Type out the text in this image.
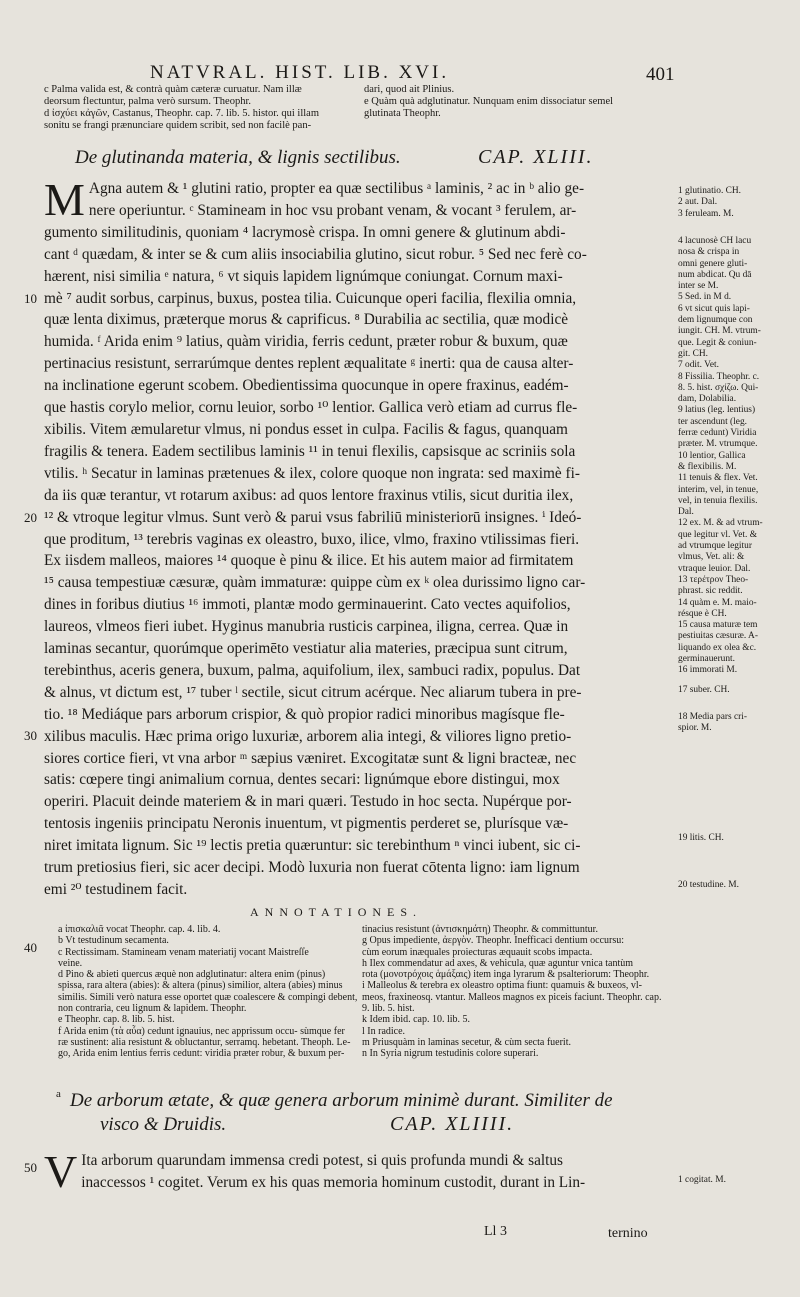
NATVRAL. HIST. LIB. XVI.	401
c Palma valida est, & contrà quàm cæteræ curuatur. Nam illæ
deorsum flectuntur, palma verò sursum. Theophr.
d ἰσχύει κἀγῶν, Castanus, Theophr. cap. 7. lib. 5. histor. qui illam
sonitu se frangi prænunciare quidem scribit, sed non facilè pan-
dari, quod ait Plinius.
e Quàm quà adglutinatur. Nunquam enim dissociatur semel
glutinata Theophr.
De glutinanda materia, & lignis sectilibus.	CAP. XLIII.
M Agna autem & ¹ glutini ratio, propter ea quæ sectilibus ᵃ laminis, ² ac in ᵇ alio ge-
nere operiuntur. ᶜ Stamineam in hoc vsu probant venam, & vocant ³ ferulem, ar-
gumento similitudinis, quoniam ⁴ lacrymosè crispa. In omni genere & glutinum abdi-
cant ᵈ quædam, & inter se & cum aliis insociabilia glutino, sicut robur. ⁵ Sed nec ferè co-
hærent, nisi similia ᵉ natura, ⁶ vt siquis lapidem lignúmque coniungat. Cornum maxi-
mè ⁷ audit sorbus, carpinus, buxus, postea tilia. Cuicunque operi facilia, flexilia omnia,
quæ lenta diximus, præterque morus & caprificus. ⁸ Durabilia ac sectilia, quæ modicè
humida. ᶠ Arida enim ⁹ latius, quàm viridia, ferris cedunt, præter robur & buxum, quæ
pertinacius resistunt, serrarúmque dentes replent æqualitate ᵍ inerti: qua de causa alter-
na inclinatione egerunt scobem. Obedientissima quocunque in opere fraxinus, eadém-
que hastis corylo melior, cornu leuior, sorbo ¹⁰ lentior. Gallica verò etiam ad currus fle-
xibilis. Vitem æmularetur vlmus, ni pondus esset in culpa. Facilis & fagus, quanquam
fragilis & tenera. Eadem sectilibus laminis ¹¹ in tenui flexilis, capsisque ac scriniis sola
vtilis. ʰ Secatur in laminas prætenues & ilex, colore quoque non ingrata: sed maximè fi-
da iis quæ terantur, vt rotarum axibus: ad quos lentore fraxinus vtilis, sicut duritia ilex,
¹² & vtroque legitur vlmus. Sunt verò & parui vsus fabriliū ministeriorū insignes. ⁱ Ideó-
que proditum, ¹³ terebris vaginas ex oleastro, buxo, ilice, vlmo, fraxino vtilissimas fieri.
Ex iisdem malleos, maiores ¹⁴ quoque è pinu & ilice. Et his autem maior ad firmitatem
¹⁵ causa tempestiuæ cæsuræ, quàm immaturæ: quippe cùm ex ᵏ olea durissimo ligno car-
dines in foribus diutius ¹⁶ immoti, plantæ modo germinauerint. Cato vectes aquifolios,
laureos, vlmeos fieri iubet. Hyginus manubria rusticis carpinea, iligna, cerrea. Quæ in
laminas secantur, quorúmque operimēto vestiatur alia materies, præcipua sunt citrum,
terebinthus, aceris genera, buxum, palma, aquifolium, ilex, sambuci radix, populus. Dat
& alnus, vt dictum est, ¹⁷ tuber ˡ sectile, sicut citrum acérque. Nec aliarum tubera in pre-
tio. ¹⁸ Mediáque pars arborum crispior, & quò propior radici minoribus magísque fle-
xilibus maculis. Hæc prima origo luxuriæ, arborem alia integi, & viliores ligno pretio-
siores cortice fieri, vt vna arbor ᵐ sæpius væniret. Excogitatæ sunt & ligni bracteæ, nec
satis: cœpere tingi animalium cornua, dentes secari: lignúmque ebore distingui, mox
operiri. Placuit deinde materiem & in mari quæri. Testudo in hoc secta. Nupérque por-
tentosis ingeniis principatu Neronis inuentum, vt pigmentis perderet se, plurísque væ-
niret imitata lignum. Sic ¹⁹ lectis pretia quæruntur: sic terebinthum ⁿ vinci iubent, sic ci-
trum pretiosius fieri, sic acer decipi. Modò luxuria non fuerat cōtenta ligno: iam lignum
emi ²⁰ testudinem facit.

10
20
30
40
50
1 glutinatio. CH.
2 aut. Dal.
3 feruleam. M.
4 lacunosè CH lacu
nosa & crispa in
omni genere gluti-
num abdicat. Qu dā
inter se M.
5 Sed. in M d.
6 vt sicut quis lapi-
dem lignumque con
iungit. CH. M. vtrum-
que. Legit & coniun-
git. CH.
7 odit. Vet.
8 Fissilia. Theophr. c.
8. 5. hist. σχίζω. Qui-
dam, Dolabilia.
9 latius (leg. lentius)
ter ascendunt (leg.
ferræ cedunt) Viridia
præter. M. vtrumque.
10 lentior, Gallica
& flexibilis. M.
11 tenuis & flex. Vet.
interim, vel, in tenue,
vel, in tenuia flexilis.
Dal.
12 ex. M. & ad vtrum-
que legitur vl. Vet. &
ad vtrumque legitur
vlmus, Vet. ali: &
vtraque leuior. Dal.
13 τερέτρον Theo-
phrast. sic reddit.
14 quàm e. M. maio-
résque è CH.
15 causa maturæ tem
pestiuitas cæsuræ. A-
liquando ex olea &c.
germinauerunt.
16 immorati M.
17 suber. CH.
18 Media pars cri-
spior. M.
19 litis. CH.
20 testudine. M.
1 cogitat. M.
ANNOTATIONES.
a ἰπισκαλιᾶ vocat Theophr. cap. 4. lib. 4.
b Vt testudinum secamenta.
c Rectissimam. Stamineam venam materiatij vocant Maistreſſe
veine.
d Pino & abieti quercus æquè non adglutinatur: altera enim (pinus)
spissa, rara altera (abies): & altera (pinus) similior, altera (abies) minus
similis. Simili verò natura esse oportet quæ coalescere & compingi debent,
non contraria, ceu lignum & lapidem. Theophr.
e Theophr. cap. 8. lib. 5. hist.
f Arida enim (τὰ αὖα) cedunt ignauius, nec apprissum occu- sùmque fer
ræ sustinent: alia resistunt & obluctantur, serramq. hebetant. Theoph. Le-
go, Arida enim lentius ferris cedunt: viridia præter robur, & buxum per-
tinacius resistunt (ἀντισκημάτη) Theophr. & committuntur.
g Opus impediente, ἀεργὸν. Theophr. Inefficaci dentium occursu:
cùm eorum inæquales proiecturas æquauit scobs impacta.
h Ilex commendatur ad axes, & vehicula, quæ aguntur vnica tantùm
rota (μονοτρόχοις ἁμάξαις) item inga lyrarum & psalteriorum: Theophr.
i Malleolus & terebra ex oleastro optima fiunt: quamuis & buxeos, vl-
meos, fraxineosq. vtantur. Malleos magnos ex piceis faciunt. Theophr. cap.
9. lib. 5. hist.
k Idem ibid. cap. 10. lib. 5.
l In radice.
m Priusquàm in laminas secetur, & cùm secta fuerit.
n In Syria nigrum testudinis colore superari.
a De arborum ætate, & quæ genera arborum minimè durant. Similiter de
visco & Druidis.	CAP. XLIIII.
V Ita arborum quarundam immensa credi potest, si quis profunda mundi & saltus
inaccessos ¹ cogitet. Verum ex his quas memoria hominum custodit, durant in Lin-

Ll 3	ternino
